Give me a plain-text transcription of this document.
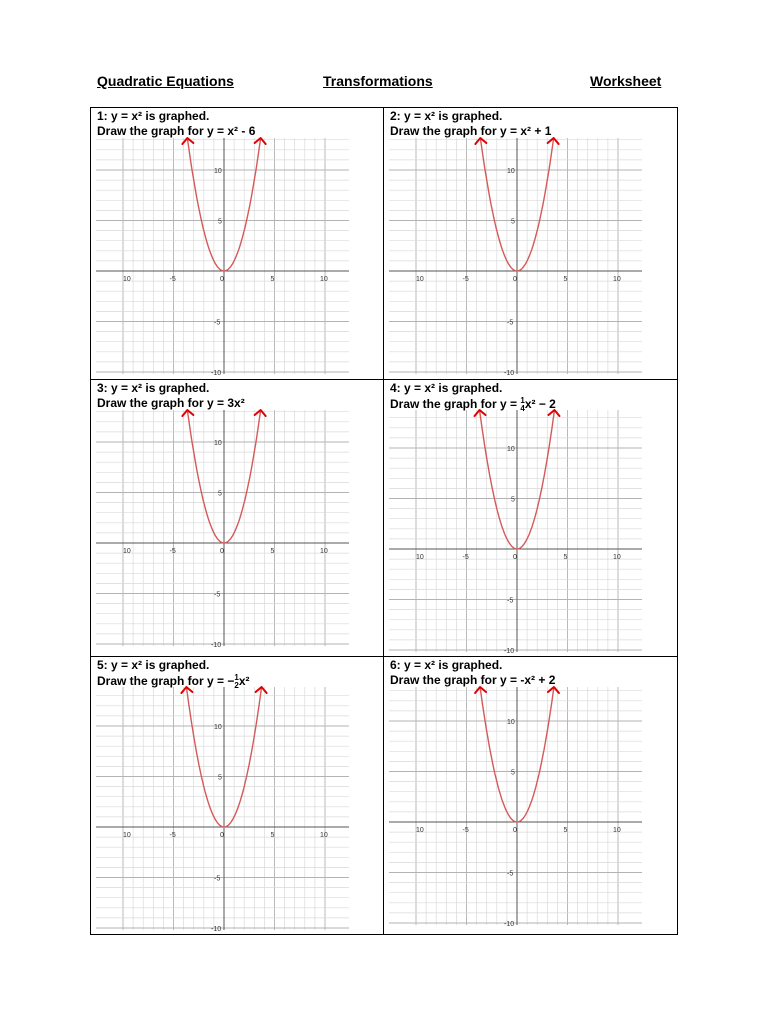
Quadratic Equations	Transformations	Worksheet
1: y = x² is graphed.
Draw the graph for y = x² - 6
10	-5	0	5	10
10
5
-5
-10
2: y = x² is graphed.
Draw the graph for y = x² + 1
10	-5	0	5	10
10
5
-5
-10
3: y = x² is graphed.
Draw the graph for y = 3x²
10	-5	0	5	10
10
5
-5
-10
4: y = x² is graphed.
Draw the graph for y = 1
4 x² − 2
10	-5	0	5	10
10
5
-5
-10
5: y = x² is graphed.
Draw the graph for y = − 1
2 x²
10	-5	0	5	10
10
5
-5
-10
6: y = x² is graphed.
Draw the graph for y = -x² + 2
10	-5	0	5	10
10
5
-5
-10
